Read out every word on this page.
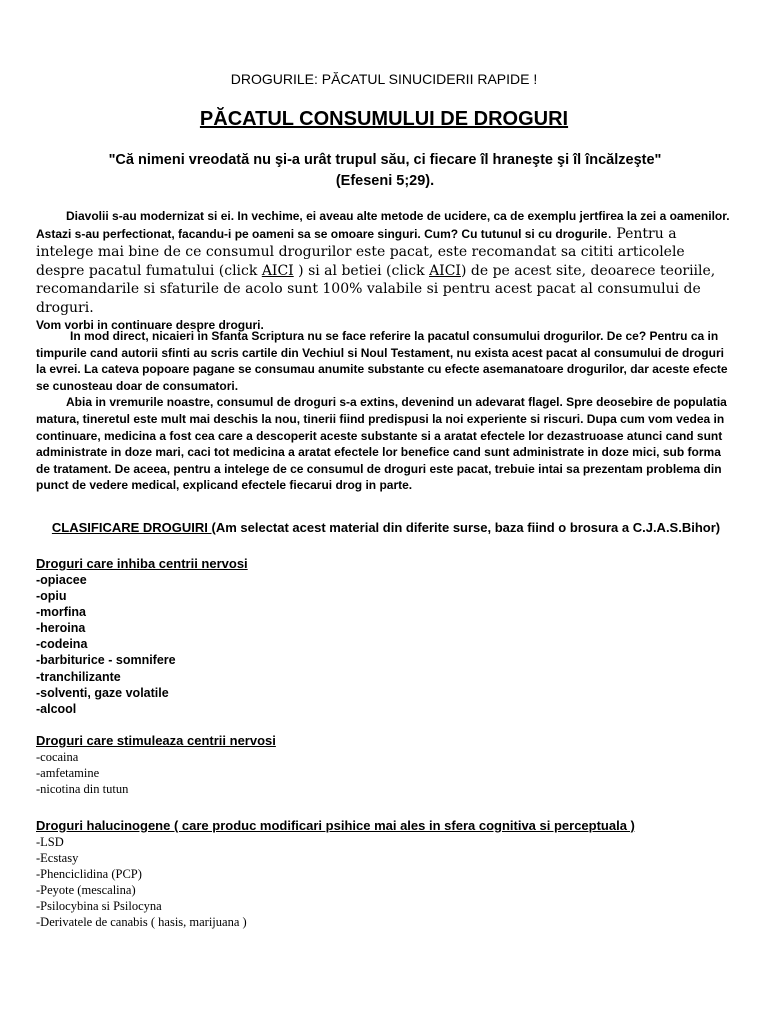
DROGURILE: PĂCATUL SINUCIDERII RAPIDE !
PĂCATUL CONSUMULUI DE DROGURI
"Că nimeni vreodată nu şi-a urât trupul său, ci fiecare îl hraneşte şi îl încălzeşte"(Efeseni 5;29).
Diavolii s-au modernizat si ei. In vechime, ei aveau alte metode de ucidere, ca de exemplu jertfirea la zei a oamenilor. Astazi s-au perfectionat, facandu-i pe oameni sa se omoare singuri. Cum? Cu tutunul si cu drogurile. Pentru a intelege mai bine de ce consumul drogurilor este pacat, este recomandat sa cititi articolele despre pacatul fumatului (click AICI ) si al betiei (click AICI) de pe acest site, deoarece teoriile, recomandarile si sfaturile de acolo sunt 100% valabile si pentru acest pacat al consumului de droguri.
Vom vorbi in continuare despre droguri.
In mod direct, nicaieri in Sfanta Scriptura nu se face referire la pacatul consumului drogurilor. De ce? Pentru ca in timpurile cand autorii sfinti au scris cartile din Vechiul si Noul Testament, nu exista acest pacat al consumului de droguri la evrei. La cateva popoare pagane se consumau anumite substante cu efecte asemanatoare drogurilor, dar aceste efecte se cunosteau doar de consumatori.
Abia in vremurile noastre, consumul de droguri s-a extins, devenind un adevarat flagel. Spre deosebire de populatia matura, tineretul este mult mai deschis la nou, tinerii fiind predispusi la noi experiente si riscuri. Dupa cum vom vedea in continuare, medicina a fost cea care a descoperit aceste substante si a aratat efectele lor dezastruoase atunci cand sunt administrate in doze mari, caci tot medicina a aratat efectele lor benefice cand sunt administrate in doze mici, sub forma de tratament. De aceea, pentru a intelege de ce consumul de droguri este pacat, trebuie intai sa prezentam problema din punct de vedere medical, explicand efectele fiecarui drog in parte.
CLASIFICARE DROGUIRI (Am selectat acest material din diferite surse, baza fiind o brosura a C.J.A.S.Bihor)
Droguri care inhiba centrii nervosi
-opiacee
-opiu
-morfina
-heroina
-codeina
-barbiturice - somnifere
-tranchilizante
-solventi, gaze volatile
-alcool
Droguri care stimuleaza centrii nervosi
-cocaina
-amfetamine
-nicotina din tutun
Droguri halucinogene ( care produc modificari psihice mai ales in sfera cognitiva si perceptuala )
-LSD
-Ecstasy
-Phenciclidina (PCP)
-Peyote (mescalina)
-Psilocybina si Psilocyna
-Derivatele de canabis ( hasis, marijuana )
